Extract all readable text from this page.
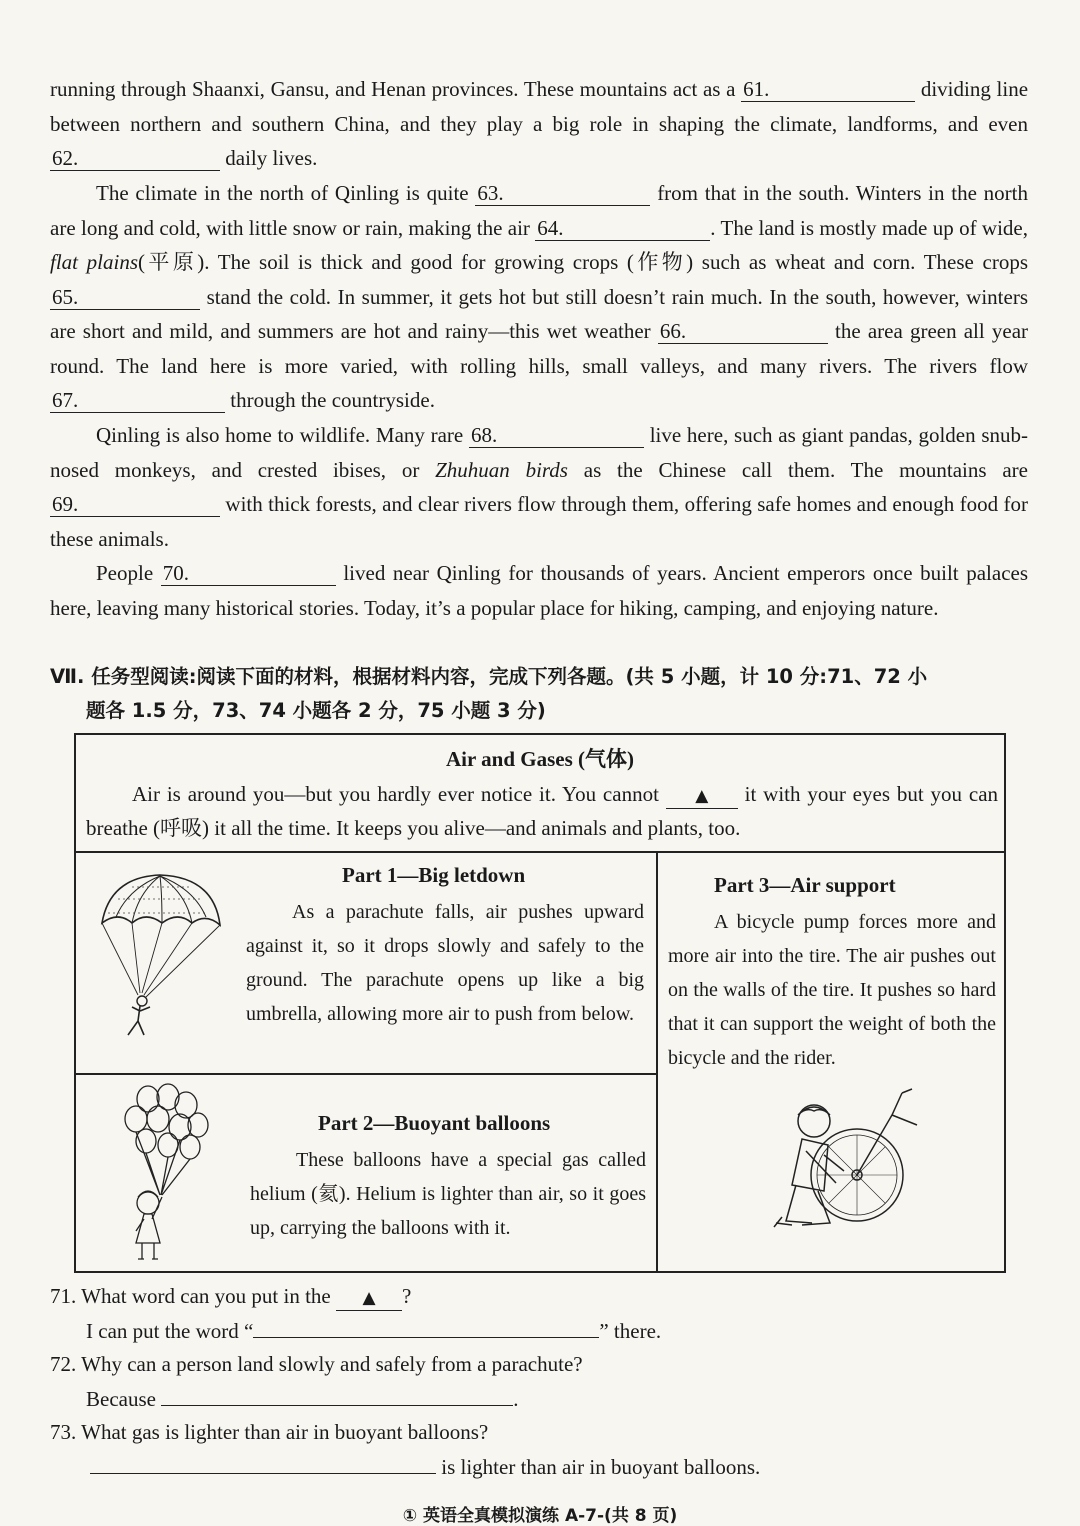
running through Shaanxi, Gansu, and Henan provinces. These mountains act as a 61.	dividing line between northern and southern China, and they play a big role in shaping the climate, landforms, and even 62.	daily lives.
The climate in the north of Qinling is quite 63.	from that in the south. Winters in the north are long and cold, with little snow or rain, making the air 64.	. The land is mostly made up of wide, flat plains(平原). The soil is thick and good for growing crops (作物) such as wheat and corn. These crops 65.	stand the cold. In summer, it gets hot but still doesn’t rain much. In the south, however, winters are short and mild, and summers are hot and rainy—this wet weather 66.	the area green all year round. The land here is more varied, with rolling hills, small valleys, and many rivers. The rivers flow 67.	through the countryside.
Qinling is also home to wildlife. Many rare 68.	live here, such as giant pandas, golden snub-nosed monkeys, and crested ibises, or Zhuhuan birds as the Chinese call them. The mountains are 69.	with thick forests, and clear rivers flow through them, offering safe homes and enough food for these animals.
People 70.	lived near Qinling for thousands of years. Ancient emperors once built palaces here, leaving many historical stories. Today, it’s a popular place for hiking, camping, and enjoying nature.
Ⅶ. 任务型阅读:阅读下面的材料，根据材料内容，完成下列各题。(共 5 小题，计 10 分:71、72 小
题各 1.5 分，73、74 小题各 2 分，75 小题 3 分)
Air and Gases (气体)
Air is around you—but you hardly ever notice it. You cannot ▲ it with your eyes but you can breathe (呼吸) it all the time. It keeps you alive—and animals and plants, too.
Part 1—Big letdown
As a parachute falls, air pushes upward against it, so it drops slowly and safely to the ground. The parachute opens up like a big umbrella, allowing more air to push from below.
Part 2—Buoyant balloons
These balloons have a special gas called helium (氦). Helium is lighter than air, so it goes up, carrying the balloons with it.
Part 3—Air support
A bicycle pump forces more and more air into the tire. The air pushes out on the walls of the tire. It pushes so hard that it can support the weight of both the bicycle and the rider.
71. What word can you put in the ▲ ?
I can put the word “	” there.
72. Why can a person land slowly and safely from a parachute?
Because	.
73. What gas is lighter than air in buoyant balloons?
is lighter than air in buoyant balloons.
① 英语全真模拟演练 A-7-(共 8 页)
